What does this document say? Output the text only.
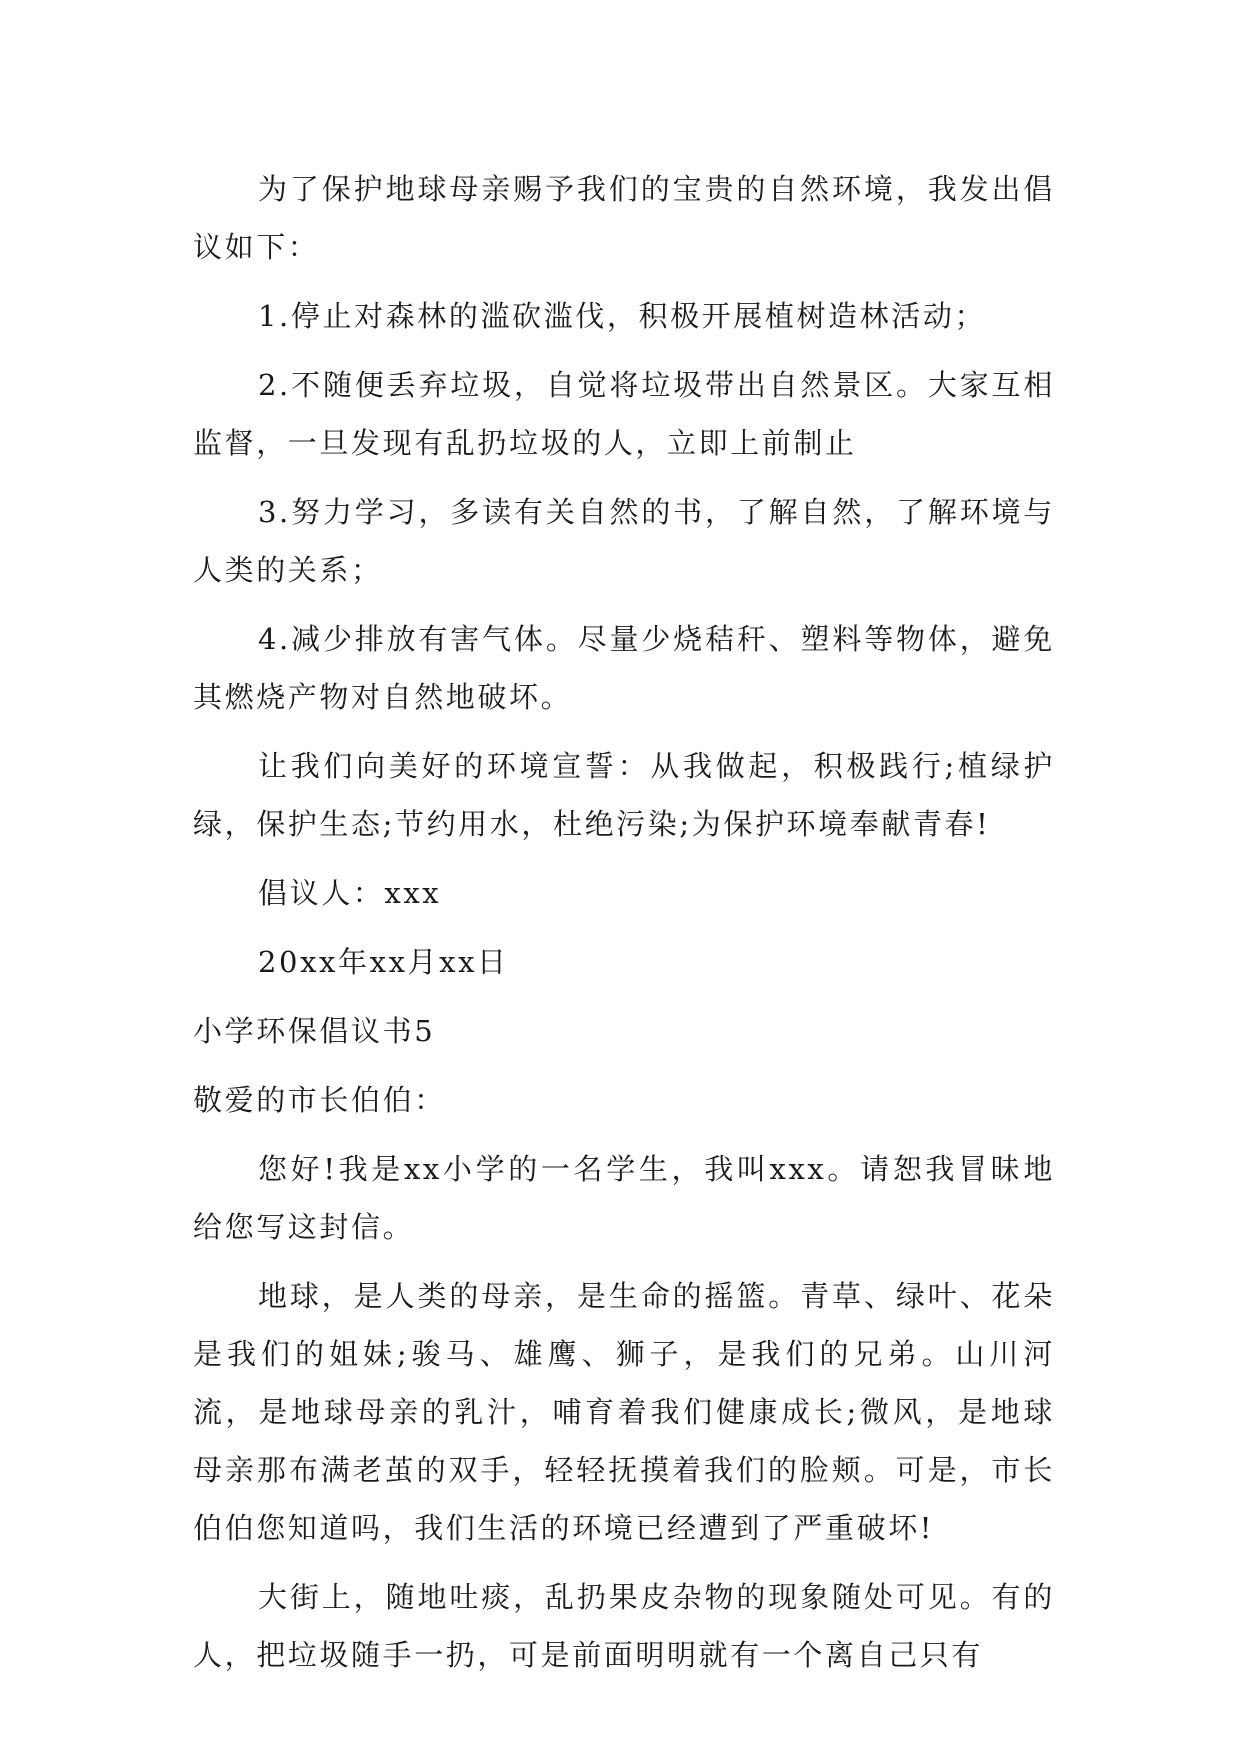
为了保护地球母亲赐予我们的宝贵的自然环境，我发出倡议如下：

1.停止对森林的滥砍滥伐，积极开展植树造林活动；

2.不随便丢弃垃圾，自觉将垃圾带出自然景区。大家互相监督，一旦发现有乱扔垃圾的人，立即上前制止

3.努力学习，多读有关自然的书，了解自然，了解环境与人类的关系；

4.减少排放有害气体。尽量少烧秸秆、塑料等物体，避免其燃烧产物对自然地破坏。

让我们向美好的环境宣誓：从我做起，积极践行;植绿护绿，保护生态;节约用水，杜绝污染;为保护环境奉献青春!

倡议人：xxx

20xx年xx月xx日

小学环保倡议书5

敬爱的市长伯伯：

您好!我是xx小学的一名学生，我叫xxx。请恕我冒昧地给您写这封信。

地球，是人类的母亲，是生命的摇篮。青草、绿叶、花朵是我们的姐妹;骏马、雄鹰、狮子，是我们的兄弟。山川河流，是地球母亲的乳汁，哺育着我们健康成长;微风，是地球母亲那布满老茧的双手，轻轻抚摸着我们的脸颊。可是，市长伯伯您知道吗，我们生活的环境已经遭到了严重破坏!

大街上，随地吐痰，乱扔果皮杂物的现象随处可见。有的人，把垃圾随手一扔，可是前面明明就有一个离自己只有
